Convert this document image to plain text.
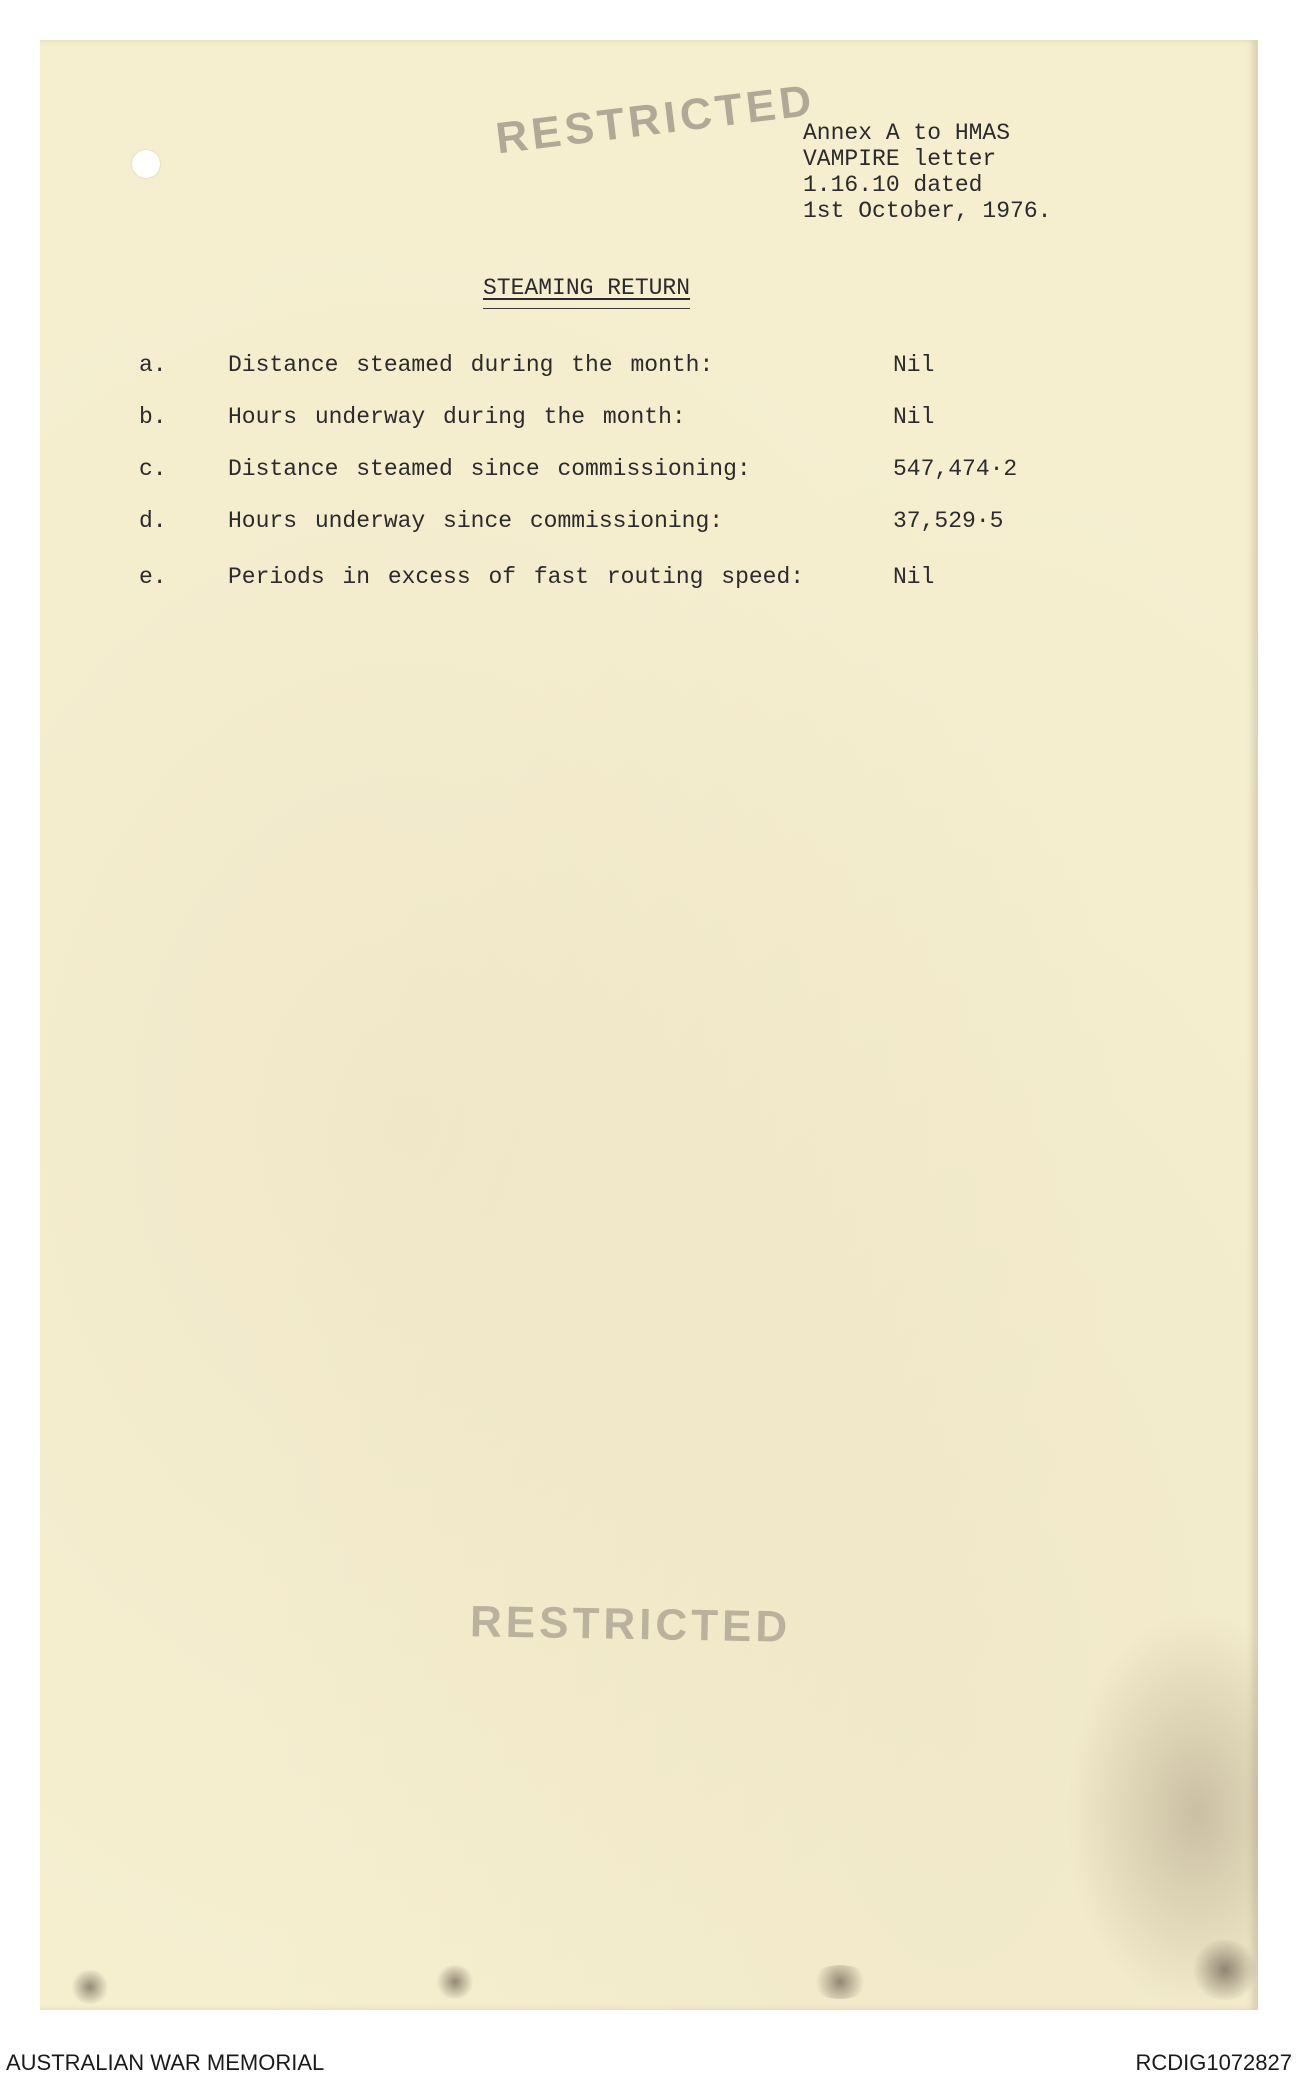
RESTRICTED
Annex A to HMAS
VAMPIRE letter
1.16.10 dated
1st October, 1976.
STEAMING RETURN
a.	Distance steamed during the month:	Nil
b.	Hours underway during the month:	Nil
c.	Distance steamed since commissioning:	547,474·2
d.	Hours underway since commissioning:	37,529·5
e.	Periods in excess of fast routing speed:	Nil
RESTRICTED
AUSTRALIAN WAR MEMORIAL	RCDIG1072827
